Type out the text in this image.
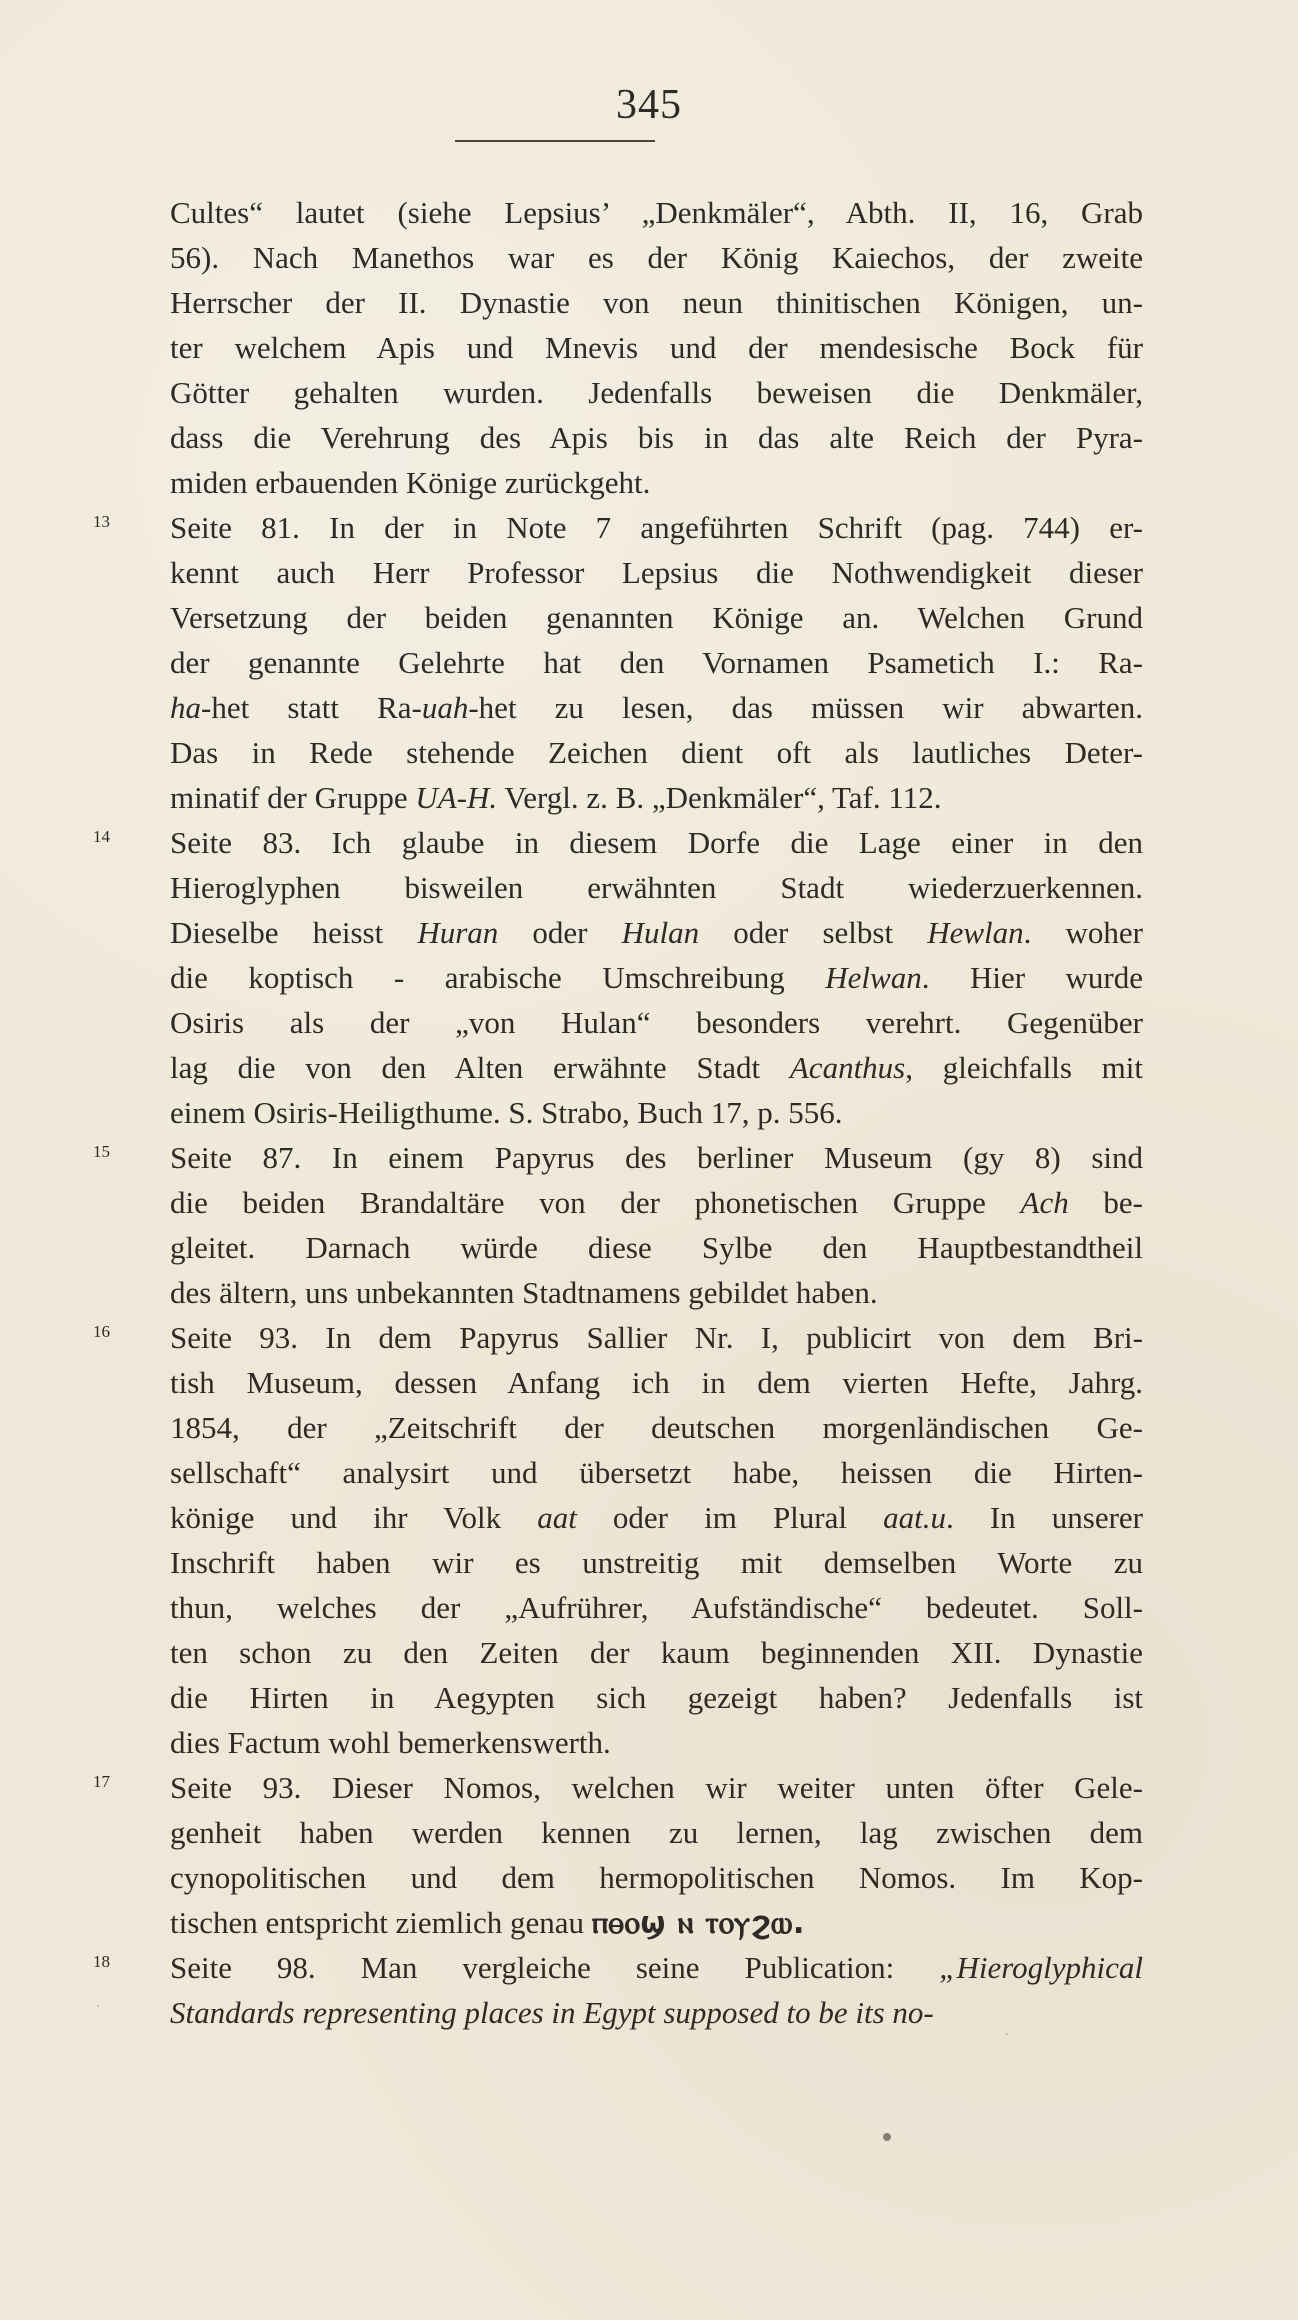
345
Cultes“ lautet (siehe Lepsius’ „Denkmäler“, Abth. II, 16, Grab
56). Nach Manethos war es der König Kaiechos, der zweite
Herrscher der II. Dynastie von neun thinitischen Königen, un-
ter welchem Apis und Mnevis und der mendesische Bock für
Götter gehalten wurden. Jedenfalls beweisen die Denkmäler,
dass die Verehrung des Apis bis in das alte Reich der Pyra-
miden erbauenden Könige zurückgeht.
13 Seite 81. In der in Note 7 angeführten Schrift (pag. 744) er-
kennt auch Herr Professor Lepsius die Nothwendigkeit dieser
Versetzung der beiden genannten Könige an. Welchen Grund
der genannte Gelehrte hat den Vornamen Psametich I.: Ra-
ha-het statt Ra-uah-het zu lesen, das müssen wir abwarten.
Das in Rede stehende Zeichen dient oft als lautliches Deter-
minatif der Gruppe UA-H. Vergl. z. B. „Denkmäler“, Taf. 112.
14 Seite 83. Ich glaube in diesem Dorfe die Lage einer in den
Hieroglyphen bisweilen erwähnten Stadt wiederzuerkennen.
Dieselbe heisst Huran oder Hulan oder selbst Hewlan. woher
die koptisch - arabische Umschreibung Helwan. Hier wurde
Osiris als der „von Hulan“ besonders verehrt. Gegenüber
lag die von den Alten erwähnte Stadt Acanthus, gleichfalls mit
einem Osiris-Heiligthume. S. Strabo, Buch 17, p. 556.
15 Seite 87. In einem Papyrus des berliner Museum (gy 8) sind
die beiden Brandaltäre von der phonetischen Gruppe Ach be-
gleitet. Darnach würde diese Sylbe den Hauptbestandtheil
des ältern, uns unbekannten Stadtnamens gebildet haben.
16 Seite 93. In dem Papyrus Sallier Nr. I, publicirt von dem Bri-
tish Museum, dessen Anfang ich in dem vierten Hefte, Jahrg.
1854, der „Zeitschrift der deutschen morgenländischen Ge-
sellschaft“ analysirt und übersetzt habe, heissen die Hirten-
könige und ihr Volk aat oder im Plural aat.u. In unserer
Inschrift haben wir es unstreitig mit demselben Worte zu
thun, welches der „Aufrührer, Aufständische“ bedeutet. Soll-
ten schon zu den Zeiten der kaum beginnenden XII. Dynastie
die Hirten in Aegypten sich gezeigt haben? Jedenfalls ist
dies Factum wohl bemerkenswerth.
17 Seite 93. Dieser Nomos, welchen wir weiter unten öfter Gele-
genheit haben werden kennen zu lernen, lag zwischen dem
cynopolitischen und dem hermopolitischen Nomos. Im Kop-
tischen entspricht ziemlich genau ⲡⲑⲟϣ ⲛ ⲧⲟⲩϩⲱ.
18 Seite 98. Man vergleiche seine Publication: „Hieroglyphical
Standards representing places in Egypt supposed to be its no-
